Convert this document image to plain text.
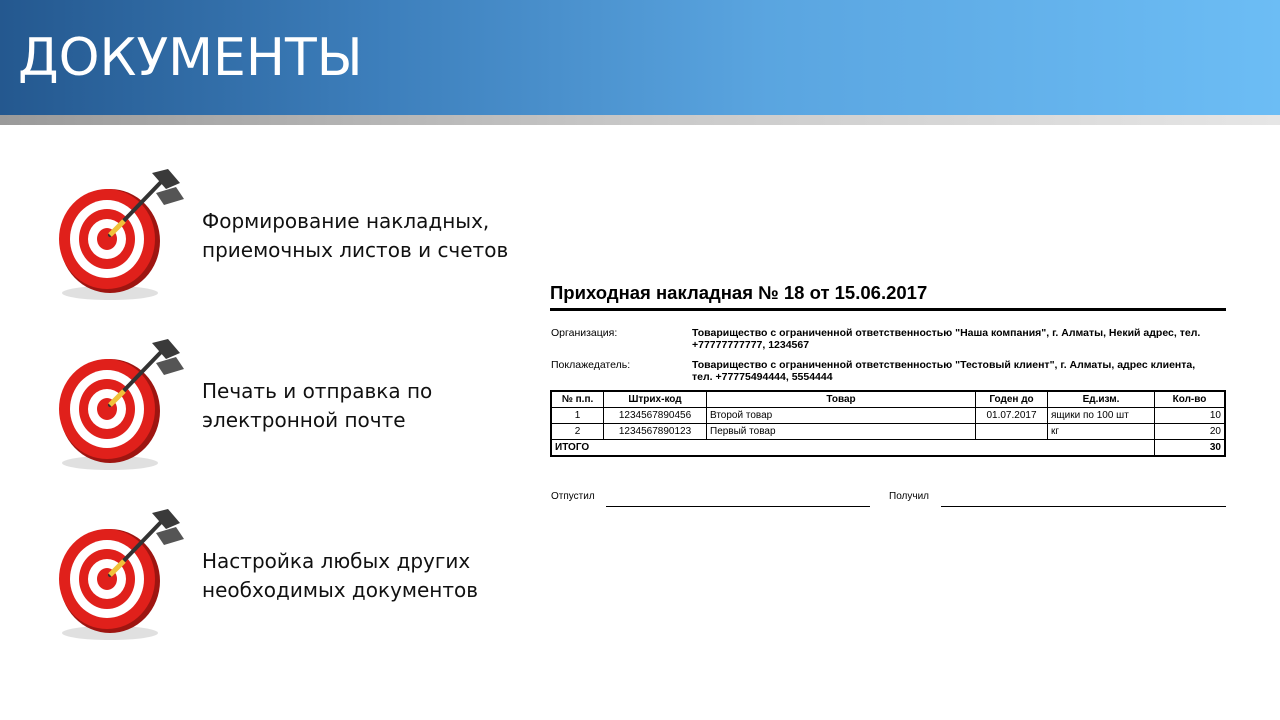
ДОКУМЕНТЫ
Формирование накладных,
приемочных листов и счетов
Печать и отправка по
электронной почте
Настройка любых других
необходимых документов
Приходная накладная № 18 от 15.06.2017
Организация:	Товарищество с ограниченной ответственностью "Наша компания", г. Алматы, Некий адрес, тел. +77777777777, 1234567
Поклажедатель:	Товарищество с ограниченной ответственностью "Тестовый клиент", г. Алматы, адрес клиента, тел. +77775494444, 5554444
№ п.п.	Штрих-код	Товар	Годен до	Ед.изм.	Кол-во
1	1234567890456	Второй товар	01.07.2017	ящики по 100 шт	10
2	1234567890123	Первый товар		кг	20
ИТОГО					30
Отпустил	Получил
